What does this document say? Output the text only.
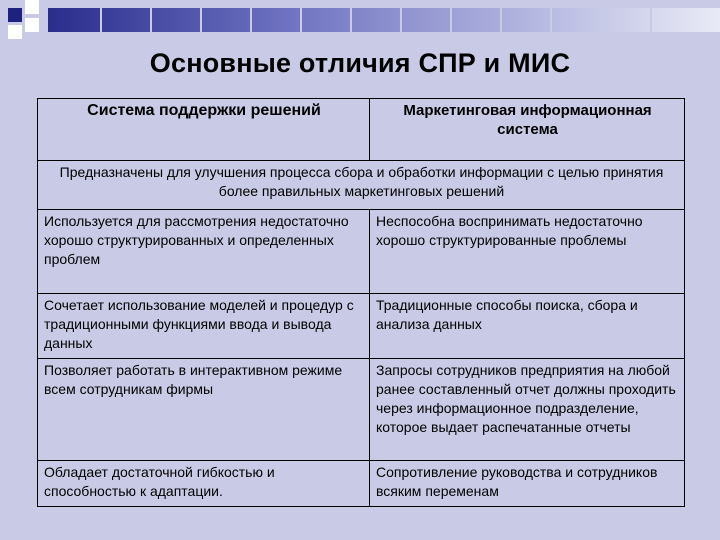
Основные отличия СПР и МИС
Система поддержки решений	Маркетинговая информационная система
Предназначены для улучшения процесса сбора и обработки информации с целью принятия более правильных маркетинговых решений	
Используется для рассмотрения недостаточно хорошо структурированных и определенных проблем	Неспособна воспринимать недостаточно хорошо структурированные проблемы
Сочетает использование моделей и процедур с традиционными функциями ввода и вывода данных	Традиционные способы поиска, сбора и анализа данных
Позволяет работать в интерактивном режиме всем сотрудникам фирмы	Запросы сотрудников предприятия на любой ранее составленный отчет должны проходить через информационное подразделение, которое выдает распечатанные отчеты
Обладает достаточной гибкостью и способностью к адаптации.	Сопротивление руководства и сотрудников всяким переменам
